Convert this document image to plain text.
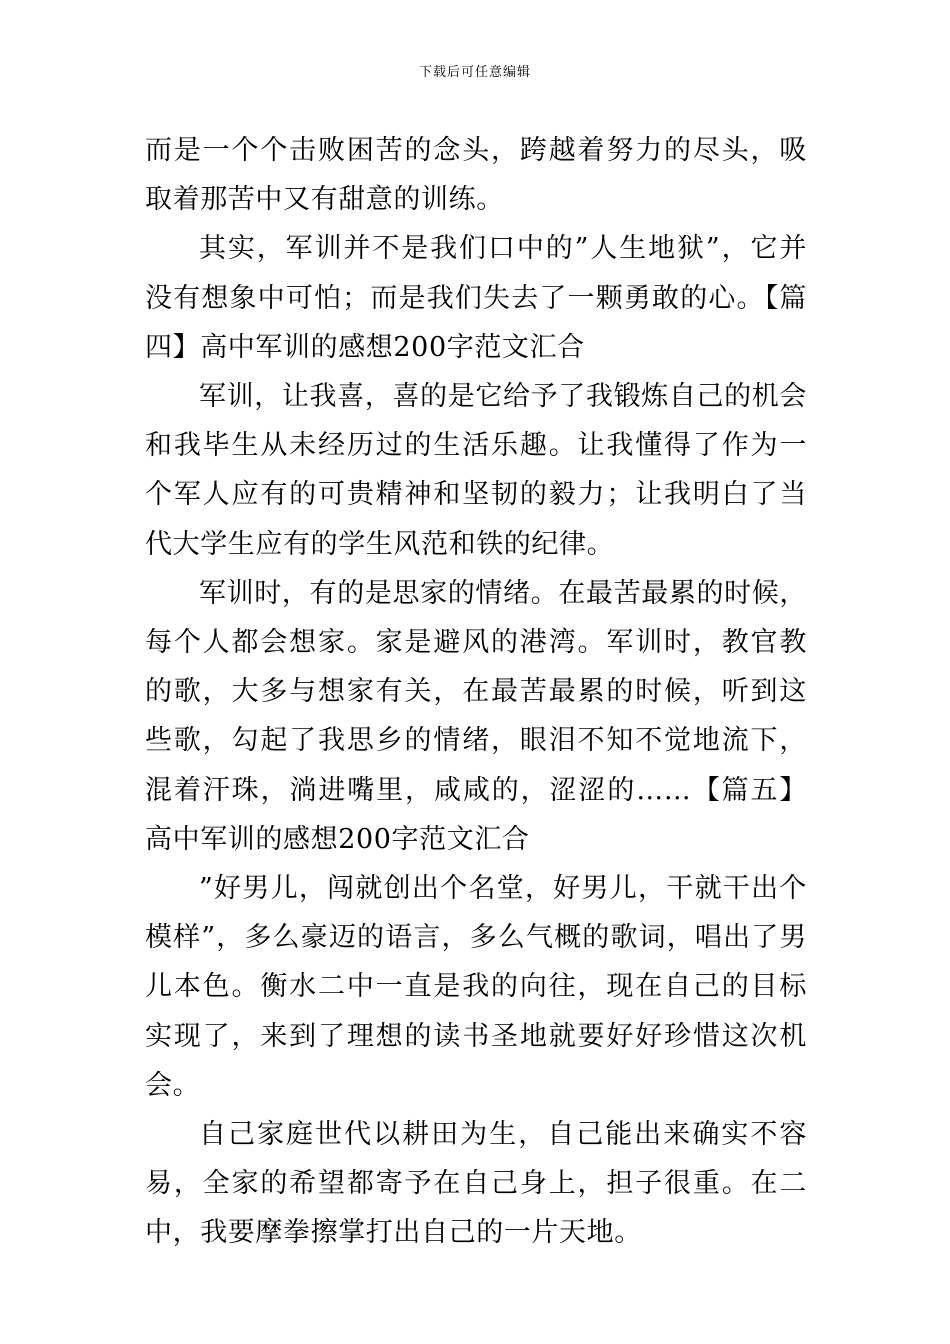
下载后可任意编辑

而是一个个击败困苦的念头，跨越着努力的尽头，吸取着那苦中又有甜意的训练。

其实，军训并不是我们口中的”人生地狱”，它并没有想象中可怕；而是我们失去了一颗勇敢的心。【篇四】高中军训的感想200字范文汇合

军训，让我喜，喜的是它给予了我锻炼自己的机会和我毕生从未经历过的生活乐趣。让我懂得了作为一个军人应有的可贵精神和坚韧的毅力；让我明白了当代大学生应有的学生风范和铁的纪律。

军训时，有的是思家的情绪。在最苦最累的时候，每个人都会想家。家是避风的港湾。军训时，教官教的歌，大多与想家有关，在最苦最累的时候，听到这些歌，勾起了我思乡的情绪，眼泪不知不觉地流下，混着汗珠，淌进嘴里，咸咸的，涩涩的……【篇五】高中军训的感想200字范文汇合

”好男儿，闯就创出个名堂，好男儿，干就干出个模样”，多么豪迈的语言，多么气概的歌词，唱出了男儿本色。衡水二中一直是我的向往，现在自己的目标实现了，来到了理想的读书圣地就要好好珍惜这次机会。

自己家庭世代以耕田为生，自己能出来确实不容易，全家的希望都寄予在自己身上，担子很重。在二中，我要摩拳擦掌打出自己的一片天地。
